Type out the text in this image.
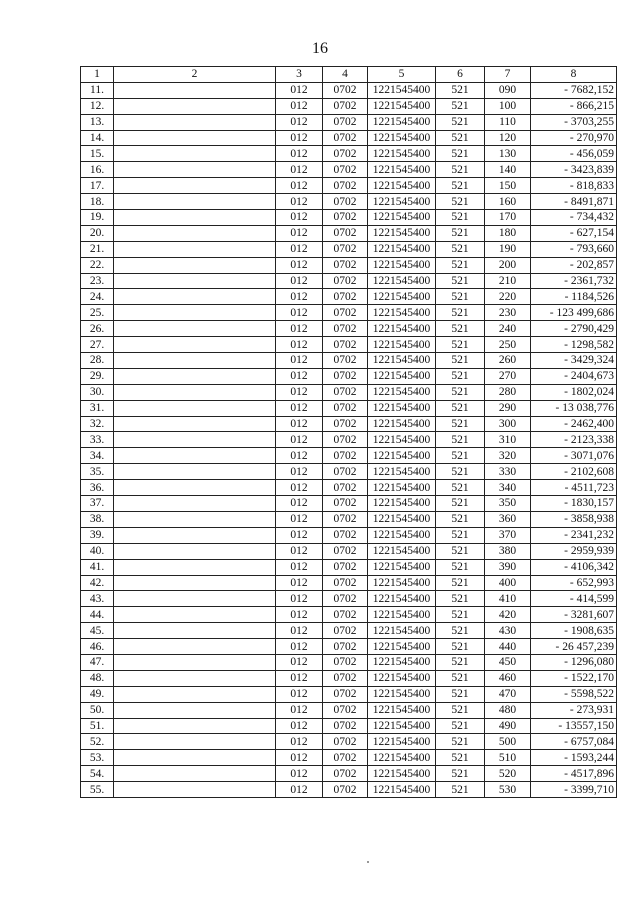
16
1	2	3	4	5	6	7	8
11.		012	0702	1221545400	521	090	- 7682,152
12.		012	0702	1221545400	521	100	- 866,215
13.		012	0702	1221545400	521	110	- 3703,255
14.		012	0702	1221545400	521	120	- 270,970
15.		012	0702	1221545400	521	130	- 456,059
16.		012	0702	1221545400	521	140	- 3423,839
17.		012	0702	1221545400	521	150	- 818,833
18.		012	0702	1221545400	521	160	- 8491,871
19.		012	0702	1221545400	521	170	- 734,432
20.		012	0702	1221545400	521	180	- 627,154
21.		012	0702	1221545400	521	190	- 793,660
22.		012	0702	1221545400	521	200	- 202,857
23.		012	0702	1221545400	521	210	- 2361,732
24.		012	0702	1221545400	521	220	- 1184,526
25.		012	0702	1221545400	521	230	- 123 499,686
26.		012	0702	1221545400	521	240	- 2790,429
27.		012	0702	1221545400	521	250	- 1298,582
28.		012	0702	1221545400	521	260	- 3429,324
29.		012	0702	1221545400	521	270	- 2404,673
30.		012	0702	1221545400	521	280	- 1802,024
31.		012	0702	1221545400	521	290	- 13 038,776
32.		012	0702	1221545400	521	300	- 2462,400
33.		012	0702	1221545400	521	310	- 2123,338
34.		012	0702	1221545400	521	320	- 3071,076
35.		012	0702	1221545400	521	330	- 2102,608
36.		012	0702	1221545400	521	340	- 4511,723
37.		012	0702	1221545400	521	350	- 1830,157
38.		012	0702	1221545400	521	360	- 3858,938
39.		012	0702	1221545400	521	370	- 2341,232
40.		012	0702	1221545400	521	380	- 2959,939
41.		012	0702	1221545400	521	390	- 4106,342
42.		012	0702	1221545400	521	400	- 652,993
43.		012	0702	1221545400	521	410	- 414,599
44.		012	0702	1221545400	521	420	- 3281,607
45.		012	0702	1221545400	521	430	- 1908,635
46.		012	0702	1221545400	521	440	- 26 457,239
47.		012	0702	1221545400	521	450	- 1296,080
48.		012	0702	1221545400	521	460	- 1522,170
49.		012	0702	1221545400	521	470	- 5598,522
50.		012	0702	1221545400	521	480	- 273,931
51.		012	0702	1221545400	521	490	- 13557,150
52.		012	0702	1221545400	521	500	- 6757,084
53.		012	0702	1221545400	521	510	- 1593,244
54.		012	0702	1221545400	521	520	- 4517,896
55.		012	0702	1221545400	521	530	- 3399,710
